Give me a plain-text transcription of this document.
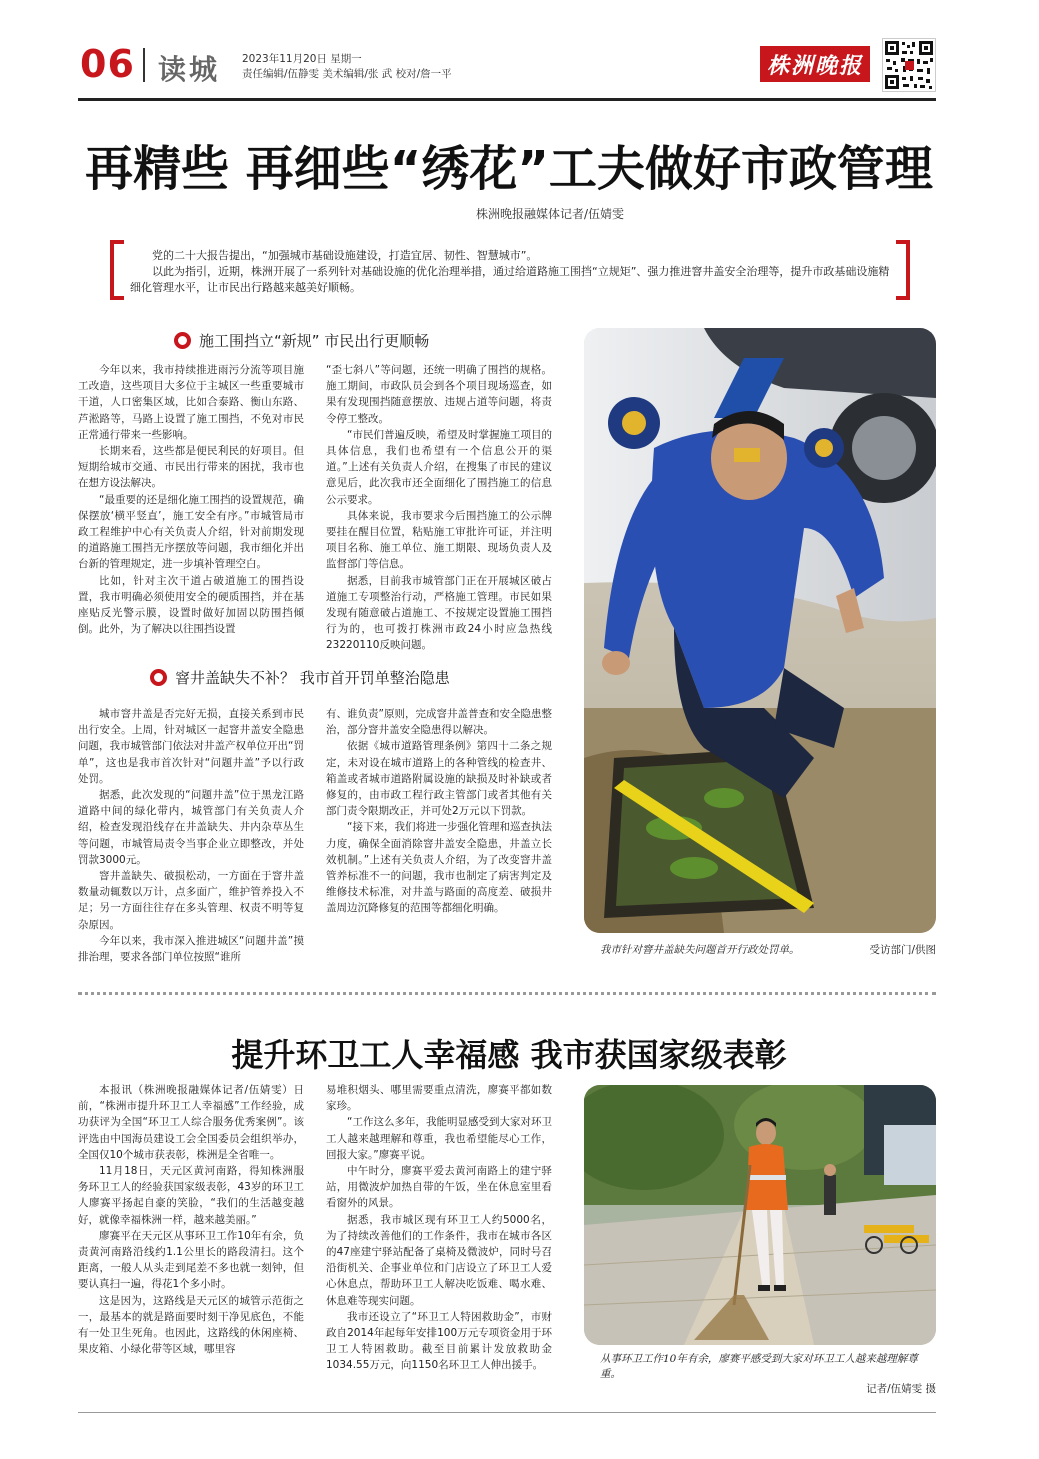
06 读城 2023年11月20日 星期一
责任编辑/伍静雯 美术编辑/张 武 校对/詹一平	株洲晚报
再精些 再细些“绣花”工夫做好市政管理
株洲晚报融媒体记者/伍婧雯

党的二十大报告提出，“加强城市基础设施建设，打造宜居、韧性、智慧城市”。

以此为指引，近期，株洲开展了一系列针对基础设施的优化治理举措，通过给道路施工围挡“立规矩”、强力推进窨井盖安全治理等，提升市政基础设施精细化管理水平，让市民出行路越来越美好顺畅。

施工围挡立“新规” 市民出行更顺畅

今年以来，我市持续推进雨污分流等项目施工改造，这些项目大多位于主城区一些重要城市干道，人口密集区域，比如合泰路、衡山东路、芦淞路等，马路上设置了施工围挡，不免对市民正常通行带来一些影响。

长期来看，这些都是便民利民的好项目。但短期给城市交通、市民出行带来的困扰，我市也在想方设法解决。

“最重要的还是细化施工围挡的设置规范，确保摆放‘横平竖直’，施工安全有序。”市城管局市政工程维护中心有关负责人介绍，针对前期发现的道路施工围挡无序摆放等问题，我市细化并出台新的管理规定，进一步填补管理空白。

比如，针对主次干道占破道施工的围挡设置，我市明确必须使用安全的硬质围挡，并在基座贴反光警示膜，设置时做好加固以防围挡倾倒。此外，为了解决以往围挡设置

“歪七斜八”等问题，还统一明确了围挡的规格。施工期间，市政队员会到各个项目现场巡查，如果有发现围挡随意摆放、违规占道等问题，将责令停工整改。

“市民们普遍反映，希望及时掌握施工项目的具体信息，我们也希望有一个信息公开的渠道。”上述有关负责人介绍，在搜集了市民的建议意见后，此次我市还全面细化了围挡施工的信息公示要求。

具体来说，我市要求今后围挡施工的公示牌要挂在醒目位置，粘贴施工审批许可证，并注明项目名称、施工单位、施工期限、现场负责人及监督部门等信息。

据悉，目前我市城管部门正在开展城区破占道施工专项整治行动，严格施工管理。市民如果发现有随意破占道施工、不按规定设置施工围挡行为的，也可拨打株洲市政24小时应急热线23220110反映问题。

窨井盖缺失不补？ 我市首开罚单整治隐患

城市窨井盖是否完好无损，直接关系到市民出行安全。上周，针对城区一起窨井盖安全隐患问题，我市城管部门依法对井盖产权单位开出“罚单”，这也是我市首次针对“问题井盖”予以行政处罚。

据悉，此次发现的“问题井盖”位于黑龙江路道路中间的绿化带内，城管部门有关负责人介绍，检查发现沿线存在井盖缺失、井内杂草丛生等问题，市城管局责令当事企业立即整改，并处罚款3000元。

窨井盖缺失、破损松动，一方面在于窨井盖数量动辄数以万计，点多面广，维护管养投入不足；另一方面往往存在多头管理、权责不明等复杂原因。

今年以来，我市深入推进城区“问题井盖”摸排治理，要求各部门单位按照“谁所

有、谁负责”原则，完成窨井盖普查和安全隐患整治，部分窨井盖安全隐患得以解决。

依据《城市道路管理条例》第四十二条之规定，未对设在城市道路上的各种管线的检查井、箱盖或者城市道路附属设施的缺损及时补缺或者修复的，由市政工程行政主管部门或者其他有关部门责令限期改正，并可处2万元以下罚款。

“接下来，我们将进一步强化管理和巡查执法力度，确保全面消除窨井盖安全隐患，井盖立长效机制。”上述有关负责人介绍，为了改变窨井盖管养标准不一的问题，我市也制定了病害判定及维修技术标准，对井盖与路面的高度差、破损井盖周边沉降修复的范围等都细化明确。

我市针对窨井盖缺失问题首开行政处罚单。	受访部门/供图
提升环卫工人幸福感 我市获国家级表彰

本报讯（株洲晚报融媒体记者/伍婧雯）日前，“株洲市提升环卫工人幸福感”工作经验，成功获评为全国“环卫工人综合服务优秀案例”。该评选由中国海员建设工会全国委员会组织举办，全国仅10个城市获表彰，株洲是全省唯一。

11月18日，天元区黄河南路，得知株洲服务环卫工人的经验获国家级表彰，43岁的环卫工人廖赛平扬起自豪的笑脸，“我们的生活越变越好，就像幸福株洲一样，越来越美丽。”

廖赛平在天元区从事环卫工作10年有余，负责黄河南路沿线约1.1公里长的路段清扫。这个距离，一般人从头走到尾差不多也就一刻钟，但要认真扫一遍，得花1个多小时。

这是因为，这路线是天元区的城管示范街之一，最基本的就是路面要时刻干净见底色，不能有一处卫生死角。也因此，这路线的休闲座椅、果皮箱、小绿化带等区域，哪里容

易堆积烟头、哪里需要重点清洗，廖赛平都如数家珍。

“工作这么多年，我能明显感受到大家对环卫工人越来越理解和尊重，我也希望能尽心工作，回报大家。”廖赛平说。

中午时分，廖赛平爱去黄河南路上的建宁驿站，用微波炉加热自带的午饭，坐在休息室里看看窗外的风景。

据悉，我市城区现有环卫工人约5000名，为了持续改善他们的工作条件，我市在城市各区的47座建宁驿站配备了桌椅及微波炉，同时号召沿街机关、企事业单位和门店设立了环卫工人爱心休息点，帮助环卫工人解决吃饭难、喝水难、休息难等现实问题。

我市还设立了“环卫工人特困救助金”，市财政自2014年起每年安排100万元专项资金用于环卫工人特困救助。截至目前累计发放救助金1034.55万元，向1150名环卫工人伸出援手。

从事环卫工作10年有余，廖赛平感受到大家对环卫工人越来越理解尊重。
记者/伍婧雯 摄
